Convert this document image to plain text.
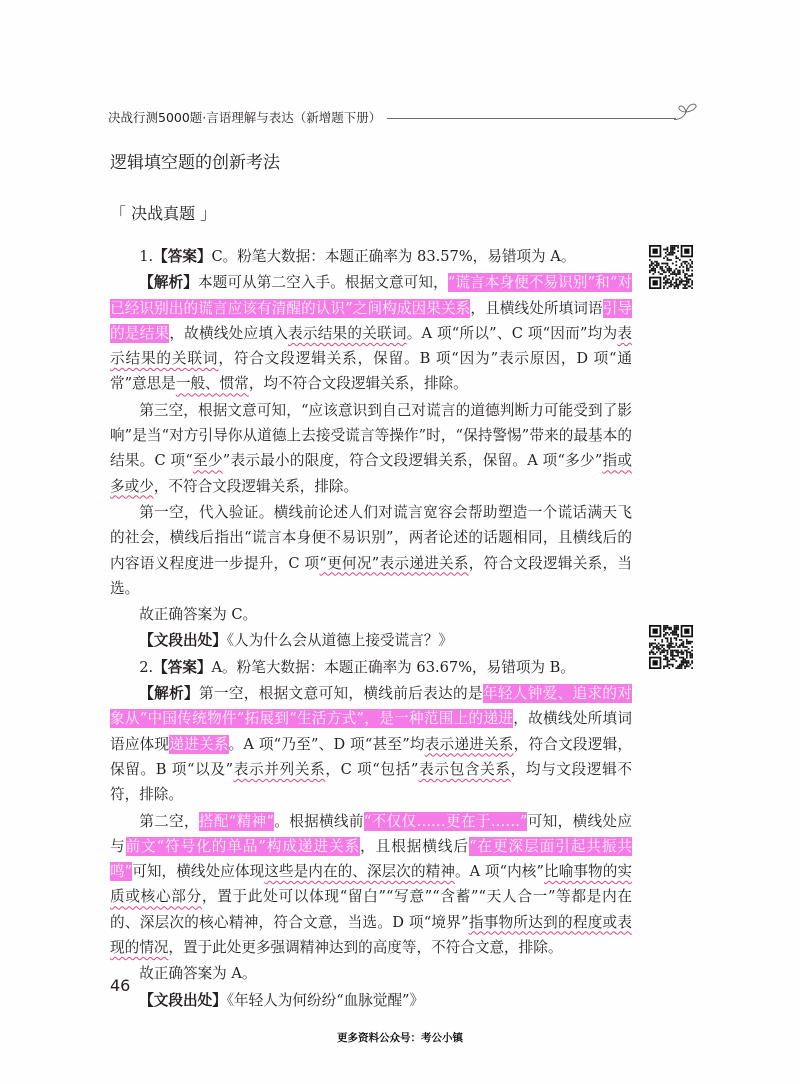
决战行测5000题·言语理解与表达（新增题下册）
逻辑填空题的创新考法
「 决战真题 」

1.【答案】C。粉笔大数据：本题正确率为 83.57%，易错项为 A。

【解析】本题可从第二空入手。根据文意可知，“谎言本身便不易识别”和“对已经识别出的谎言应该有清醒的认识”之间构成因果关系，且横线处所填词语引导的是结果，故横线处应填入表示结果的关联词。A 项“所以”、C 项“因而”均为表示结果的关联词，符合文段逻辑关系，保留。B 项“因为”表示原因，D 项“通常”意思是一般、惯常，均不符合文段逻辑关系，排除。

第三空，根据文意可知，“应该意识到自己对谎言的道德判断力可能受到了影响”是当“对方引导你从道德上去接受谎言等操作”时，“保持警惕”带来的最基本的结果。C 项“至少”表示最小的限度，符合文段逻辑关系，保留。A 项“多少”指或多或少，不符合文段逻辑关系，排除。

第一空，代入验证。横线前论述人们对谎言宽容会帮助塑造一个谎话满天飞的社会，横线后指出“谎言本身便不易识别”，两者论述的话题相同，且横线后的内容语义程度进一步提升，C 项“更何况”表示递进关系，符合文段逻辑关系，当选。

故正确答案为 C。

【文段出处】《人为什么会从道德上接受谎言？》

2.【答案】A。粉笔大数据：本题正确率为 63.67%，易错项为 B。

【解析】第一空，根据文意可知，横线前后表达的是年轻人钟爱、追求的对象从“中国传统物件”拓展到“生活方式”，是一种范围上的递进，故横线处所填词语应体现递进关系。A 项“乃至”、D 项“甚至”均表示递进关系，符合文段逻辑，保留。B 项“以及”表示并列关系，C 项“包括”表示包含关系，均与文段逻辑不符，排除。

第二空，搭配“精神”。根据横线前“不仅仅……更在于……”可知，横线处应与前文“符号化的单品”构成递进关系，且根据横线后“在更深层面引起共振共鸣”可知，横线处应体现这些是内在的、深层次的精神。A 项“内核”比喻事物的实质或核心部分，置于此处可以体现“留白”“写意”“含蓄”“天人合一”等都是内在的、深层次的核心精神，符合文意，当选。D 项“境界”指事物所达到的程度或表现的情况，置于此处更多强调精神达到的高度等，不符合文意，排除。

故正确答案为 A。

【文段出处】《年轻人为何纷纷“血脉觉醒”》

46
更多资料公众号：考公小镇
